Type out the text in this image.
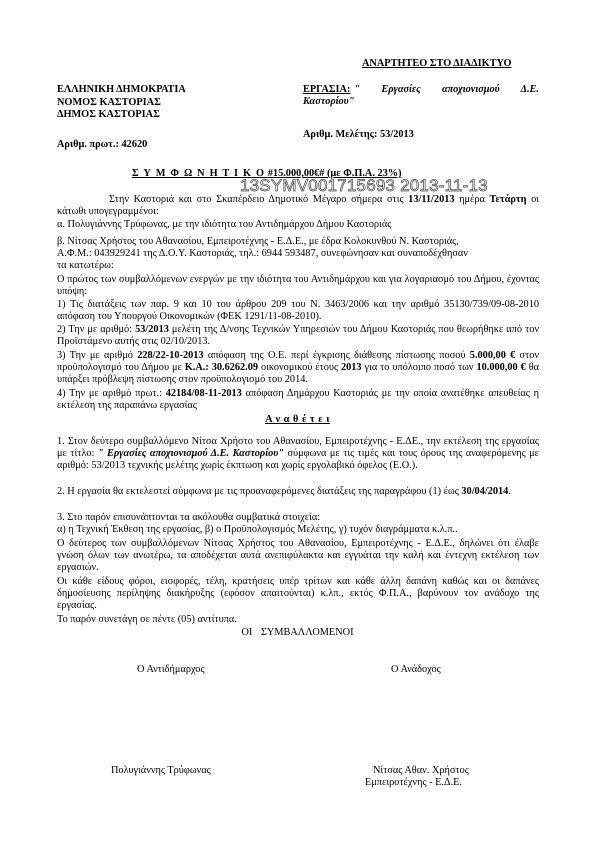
ΑΝΑΡΤΗΤΕΟ ΣΤΟ ΔΙΑΔΙΚΤΥΟ
ΕΛΛΗΝΙΚΗ ΔΗΜΟΚΡΑΤΙΑ
ΝΟΜΟΣ ΚΑΣΤΟΡΙΑΣ
ΔΗΜΟΣ ΚΑΣΤΟΡΙΑΣ
Αριθμ. πρωτ.: 42620
ΕΡΓΑΣΙΑ: " Εργασίες αποχιονισμού Δ.Ε.
Καστορίου"
Αριθμ. Μελέτης: 53/2013
Σ Υ Μ Φ Ω Ν Η Τ Ι Κ Ο #15.000,00€# (με Φ.Π.Α. 23%)
13SYMV001715693 2013-11-13

Στην Καστοριά και στο Σκαπέρδειο Δημοτικό Μέγαρο σήμερα στις 13/11/2013 ημέρα Τετάρτη οι κάτωθι υπογεγραμμένοι:

α. Πολυγιάννης Τρύφωνας, με την ιδιότητα του Αντιδημάρχου Δήμου Καστοριάς

β. Νίτσας Χρήστος του Αθανασίου, Εμπειροτέχνης - Ε.Δ.Ε., με έδρα Κολοκυνθού Ν. Καστοριάς,

Α.Φ.Μ.: 043929241 της Δ.Ο.Υ. Καστοριάς, τηλ.: 6944 593487, συνεφώνησαν και συναποδέχθησαν

τα κατωτέρω:

Ο πρώτος των συμβαλλόμενων ενεργών με την ιδιότητα του Αντιδημάρχου και για λογαριασμό του Δήμου, έχοντας υπόψη:

1) Τις διατάξεις των παρ. 9 και 10 του άρθρου 209 του Ν. 3463/2006 και την αριθμό 35130/739/09-08-2010 απόφαση του Υπουργού Οικονομικών (ΦΕΚ 1291/11-08-2010).

2) Την με αριθμό: 53/2013 μελέτη της Δ/νσης Τεχνικών Υπηρεσιών του Δήμου Καστοριάς που θεωρήθηκε από τον Προϊστάμενο αυτής στις 02/10/2013.

3) Την με αριθμό 228/22-10-2013 απόφαση της Ο.Ε. περί έγκρισης διάθεσης πίστωσης ποσού 5.000,00 € στον προϋπολογισμό του Δήμου με Κ.Α.: 30.6262.09 οικονομικού έτους 2013 για το υπόλοιπο ποσό των 10.000,00 € θα υπάρξει πρόβλεψη πίστωσης στον προϋπολογισμό του 2014.

4) Την με αριθμό πρωτ.: 42184/08-11-2013 απόφαση Δημάρχου Καστοριάς με την οποία ανατέθηκε απευθείας η εκτέλεση της παραπάνω εργασίας

Α ν α θ έ τ ε ι

1. Στον δεύτερο συμβαλλόμενο Νίτσα Χρήστο του Αθανασίου, Εμπειροτέχνης - Ε.ΔΕ., την εκτέλεση της εργασίας με τίτλο: " Εργασίες αποχιονισμού Δ.Ε. Καστορίου" σύμφωνα με τις τιμές και τους όρους της αναφερόμενης με αριθμό: 53/2013 τεχνικής μελέτης χωρίς έκπτωση και χωρίς εργολαβικό όφελος (Ε.Ο.).

2. Η εργασία θα εκτελεστεί σύμφωνα με τις προαναφερόμενες διατάξεις της παραγράφου (1) έως 30/04/2014.

3. Στο παρόν επισυνάπτονται τα ακόλουθα συμβατικά στοιχεία:

α) η Τεχνική Έκθεση της εργασίας, β) ο Προϋπολογισμός Μελέτης, γ) τυχόν διαγράμματα κ.λ.π..

Ο δεύτερος των συμβαλλόμενων Νίτσας Χρήστος του Αθανασίου, Εμπειροτέχνης - Ε.Δ.Ε., δηλώνει ότι έλαβε γνώση όλων των ανωτέρω, τα αποδέχεται αυτά ανεπιφύλακτα και εγγυάται την καλή και έντεχνη εκτέλεση των εργασιών.

Οι κάθε είδους φόροι, εισφορές, τέλη, κρατήσεις υπέρ τρίτων και κάθε άλλη δαπάνη καθώς και οι δαπάνες δημοσίευσης περίληψης διακήρυξης (εφόσον απαιτούνται) κ.λπ., εκτός Φ.Π.Α., βαρύνουν τον ανάδοχο της εργασίας.

Το παρόν συνετάγη σε πέντε (05) αντίτυπα.

ΟΙ ΣΥΜΒΑΛΛΟΜΕΝΟΙ
Ο Αντιδήμαρχος	Ο Ανάδοχος
Πολυγιάννης Τρύφωνας	Νίτσας Αθαν. Χρήστος
Εμπειροτέχνης - Ε.Δ.Ε.
